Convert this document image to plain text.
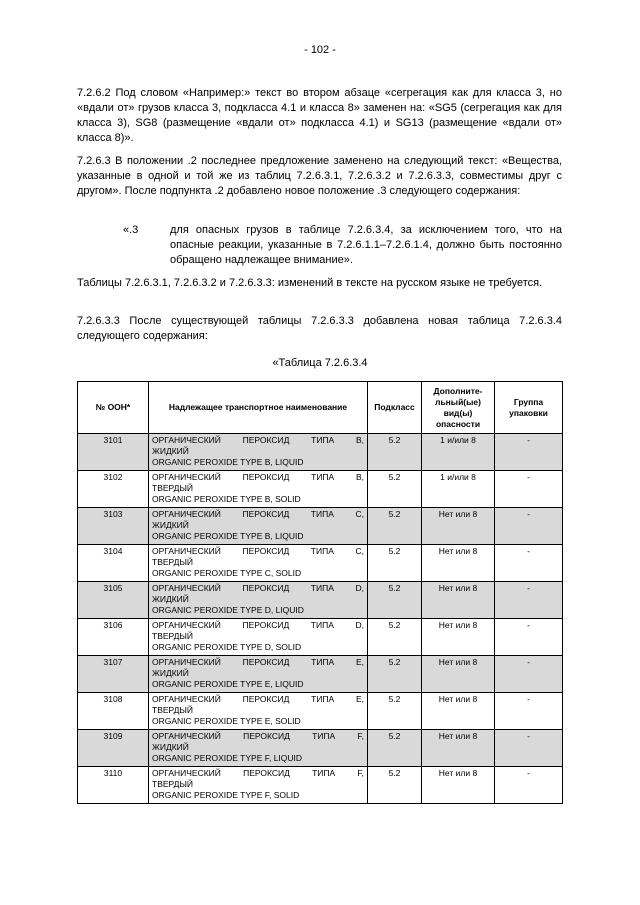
- 102 -
7.2.6.2 Под словом «Например:» текст во втором абзаце «сегрегация как для класса 3, но «вдали от» грузов класса 3, подкласса 4.1 и класса 8» заменен на: «SG5 (сегрегация как для класса 3), SG8 (размещение «вдали от» подкласса 4.1) и SG13 (размещение «вдали от» класса 8)».
7.2.6.3 В положении .2 последнее предложение заменено на следующий текст: «Вещества, указанные в одной и той же из таблиц 7.2.6.3.1, 7.2.6.3.2 и 7.2.6.3.3, совместимы друг с другом». После подпункта .2 добавлено новое положение .3 следующего содержания:
«.3	для опасных грузов в таблице 7.2.6.3.4, за исключением того, что на опасные реакции, указанные в 7.2.6.1.1–7.2.6.1.4, должно быть постоянно обращено надлежащее внимание».
Таблицы 7.2.6.3.1, 7.2.6.3.2 и 7.2.6.3.3: изменений в тексте на русском языке не требуется.
7.2.6.3.3 После существующей таблицы 7.2.6.3.3 добавлена новая таблица 7.2.6.3.4 следующего содержания:
«Таблица 7.2.6.3.4
№ ООН*	Надлежащее транспортное наименование	Подкласс	Дополните-льный(ые) вид(ы) опасности	Группа упаковки
3101	ОРГАНИЧЕСКИЙ ПЕРОКСИД ТИПА В,
ЖИДКИЙ
ORGANIC PEROXIDE TYPE B, LIQUID	5.2	1 и/или 8	-
3102	ОРГАНИЧЕСКИЙ ПЕРОКСИД ТИПА В,
ТВЕРДЫЙ
ORGANIC PEROXIDE TYPE B, SOLID	5.2	1 и/или 8	-
3103	ОРГАНИЧЕСКИЙ ПЕРОКСИД ТИПА С,
ЖИДКИЙ
ORGANIC PEROXIDE TYPE B, LIQUID	5.2	Нет или 8	-
3104	ОРГАНИЧЕСКИЙ ПЕРОКСИД ТИПА С,
ТВЕРДЫЙ
ORGANIC PEROXIDE TYPE C, SOLID	5.2	Нет или 8	-
3105	ОРГАНИЧЕСКИЙ ПЕРОКСИД ТИПА D,
ЖИДКИЙ
ORGANIC PEROXIDE TYPE D, LIQUID	5.2	Нет или 8	-
3106	ОРГАНИЧЕСКИЙ ПЕРОКСИД ТИПА D,
ТВЕРДЫЙ
ORGANIC PEROXIDE TYPE D, SOLID	5.2	Нет или 8	-
3107	ОРГАНИЧЕСКИЙ ПЕРОКСИД ТИПА Е,
ЖИДКИЙ
ORGANIC PEROXIDE TYPE E, LIQUID	5.2	Нет или 8	-
3108	ОРГАНИЧЕСКИЙ ПЕРОКСИД ТИПА Е,
ТВЕРДЫЙ
ORGANIC PEROXIDE TYPE E, SOLID	5.2	Нет или 8	-
3109	ОРГАНИЧЕСКИЙ ПЕРОКСИД ТИПА F,
ЖИДКИЙ
ORGANIC PEROXIDE TYPE F, LIQUID	5.2	Нет или 8	-
3110	ОРГАНИЧЕСКИЙ ПЕРОКСИД ТИПА F,
ТВЕРДЫЙ
ORGANIC PEROXIDE TYPE F, SOLID	5.2	Нет или 8	-
